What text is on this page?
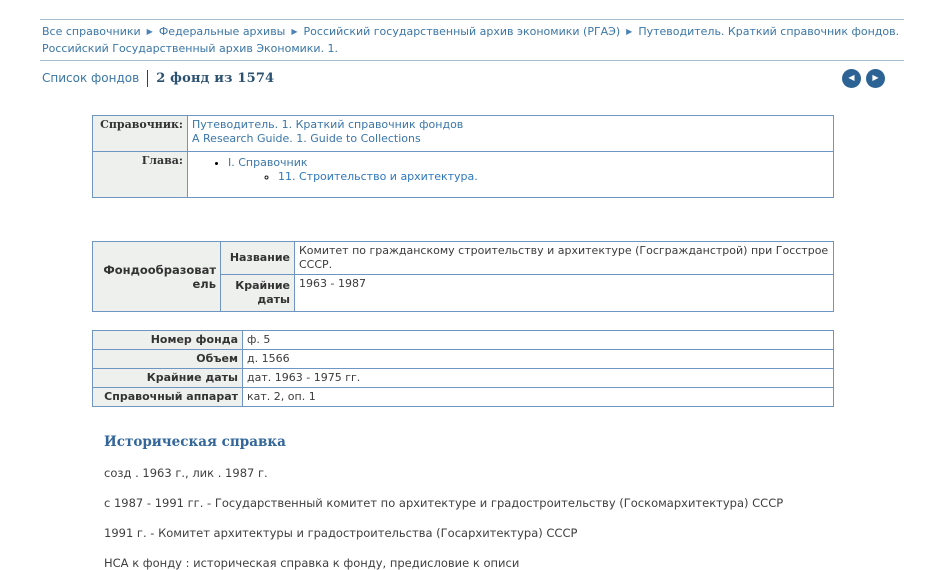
Все справочники ▶ Федеральные архивы ▶ Российский государственный архив экономики (РГАЭ) ▶ Путеводитель. Краткий справочник фондов. Российский Государственный архив Экономики. 1.
Список фондов 2 фонд из 1574	◀ ▶
Справочник:	Путеводитель. 1. Краткий справочник фондов
A Research Guide. 1. Guide to Collections
Глава:	
•I. Справочник
◦ 11. Строительство и архитектура.
Фондообразователь	Название	Комитет по гражданскому строительству и архитектуре (Госгражданстрой) при Госстрое СССР.
	Крайние даты	1963 - 1987
Номер фонда	ф. 5
Объем	д. 1566
Крайние даты	дат. 1963 - 1975 гг.
Справочный аппарат	кат. 2, оп. 1
Историческая справка

созд . 1963 г., лик . 1987 г.

с 1987 - 1991 гг. - Государственный комитет по архитектуре и градостроительству (Госкомархитектура) СССР

1991 г. - Комитет архитектуры и градостроительства (Госархитектура) СССР

НСА к фонду : историческая справка к фонду, предисловие к описи
